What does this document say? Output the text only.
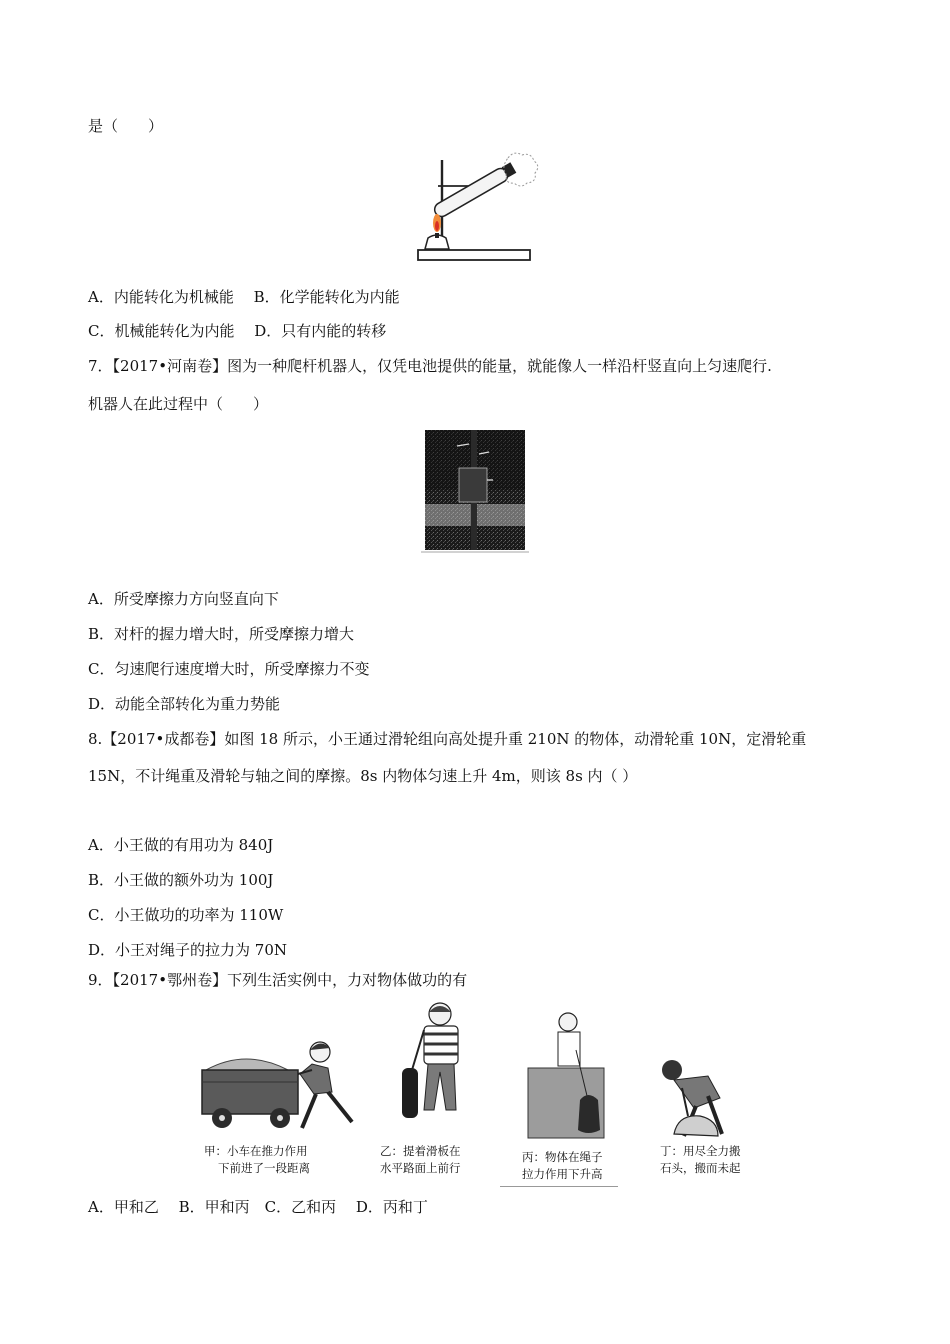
是（　　）
A．内能转化为机械能　 B．化学能转化为内能
C．机械能转化为内能　 D．只有内能的转移
7．【2017•河南卷】图为一种爬杆机器人，仅凭电池提供的能量，就能像人一样沿杆竖直向上匀速爬行.
机器人在此过程中（　　）
A．所受摩擦力方向竖直向下
B．对杆的握力增大时，所受摩擦力增大
C．匀速爬行速度增大时，所受摩擦力不变
D．动能全部转化为重力势能
8.【2017•成都卷】如图 18 所示，小王通过滑轮组向高处提升重 210N 的物体，动滑轮重 10N，定滑轮重
15N，不计绳重及滑轮与轴之间的摩擦。8s 内物体匀速上升 4m，则该 8s 内（ ）
A．小王做的有用功为 840J
B．小王做的额外功为 100J
C．小王做功的功率为 110W
D．小王对绳子的拉力为 70N
9．【2017•鄂州卷】下列生活实例中，力对物体做功的有
甲：小车在推力作用
下前进了一段距离
乙：提着滑板在
水平路面上前行
丙：物体在绳子
拉力作用下升高
丁：用尽全力搬
石头，搬而未起
A．甲和乙　 B．甲和丙　C．乙和丙　 D．丙和丁
